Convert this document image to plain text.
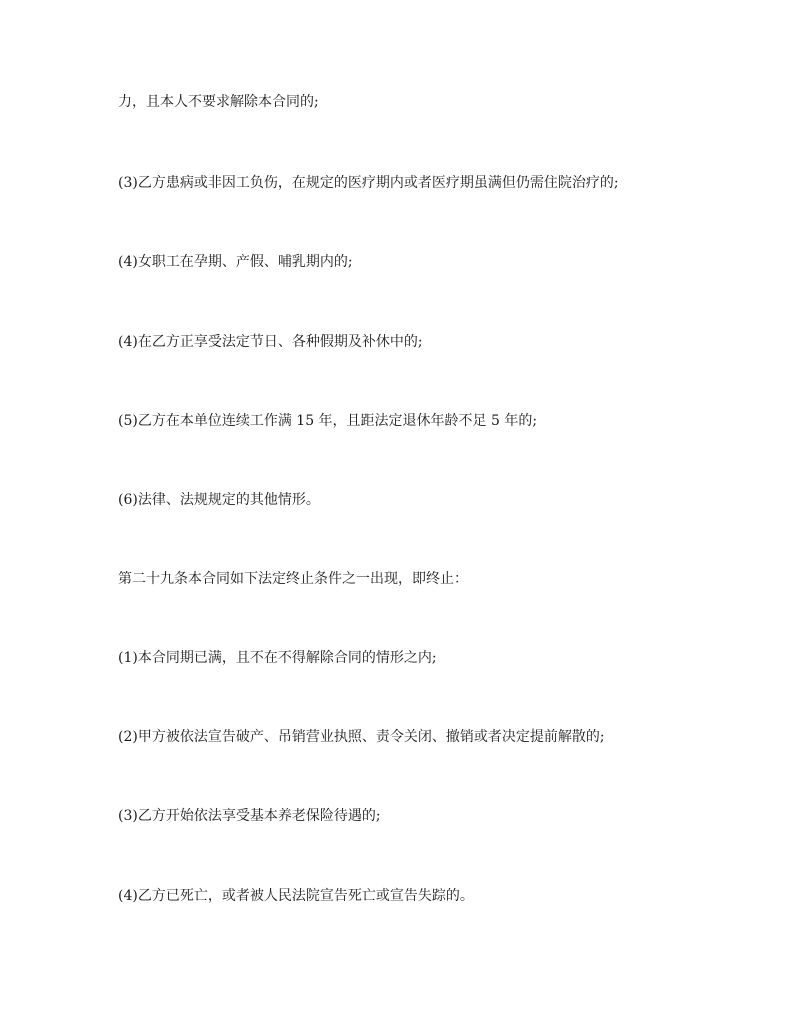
力，且本人不要求解除本合同的;

(3)乙方患病或非因工负伤，在规定的医疗期内或者医疗期虽满但仍需住院治疗的;

(4)女职工在孕期、产假、哺乳期内的;

(4)在乙方正享受法定节日、各种假期及补休中的;

(5)乙方在本单位连续工作满 15 年，且距法定退休年龄不足 5 年的;

(6)法律、法规规定的其他情形。

第二十九条本合同如下法定终止条件之一出现，即终止：

(1)本合同期已满，且不在不得解除合同的情形之内;

(2)甲方被依法宣告破产、吊销营业执照、责令关闭、撤销或者决定提前解散的;

(3)乙方开始依法享受基本养老保险待遇的;

(4)乙方已死亡，或者被人民法院宣告死亡或宣告失踪的。
